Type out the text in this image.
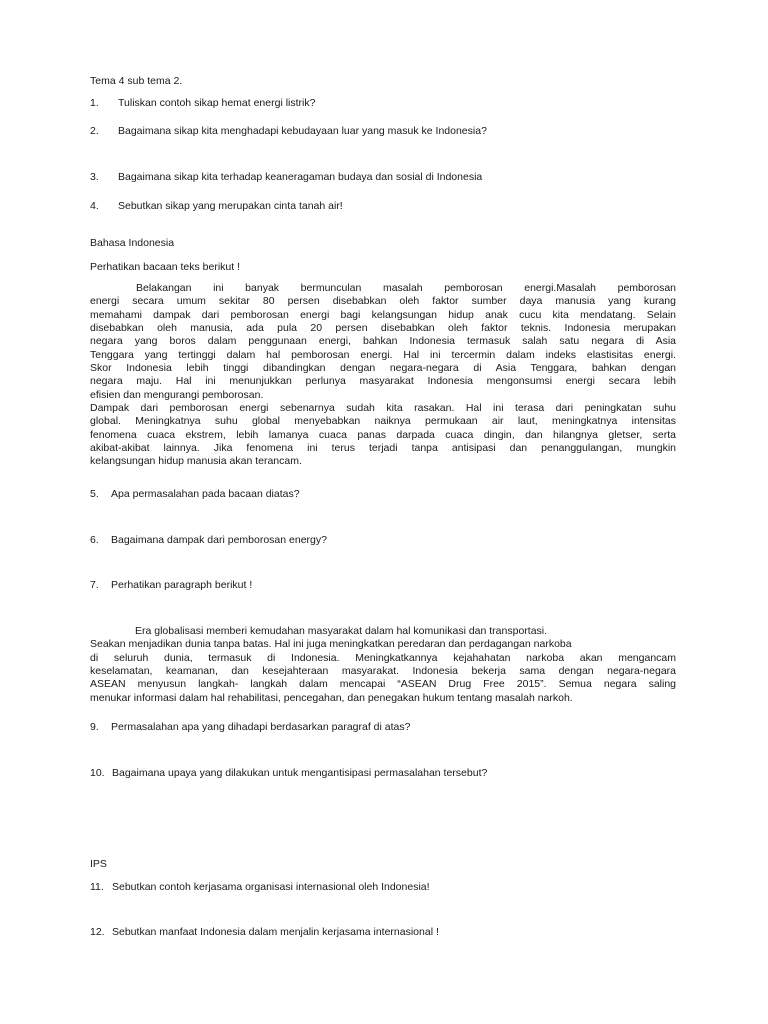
Tema 4 sub tema 2.
1. Tuliskan contoh sikap hemat energi listrik?
2. Bagaimana sikap kita menghadapi kebudayaan luar yang masuk ke Indonesia?
3. Bagaimana sikap kita terhadap keaneragaman budaya dan sosial di Indonesia
4. Sebutkan sikap yang merupakan cinta tanah air!
Bahasa Indonesia
Perhatikan bacaan teks berikut !

Belakangan ini banyak bermunculan masalah pemborosan energi.Masalah pemborosan

energi secara umum sekitar 80 persen disebabkan oleh faktor sumber daya manusia yang kurang

memahami dampak dari pemborosan energi bagi kelangsungan hidup anak cucu kita mendatang. Selain

disebabkan oleh manusia, ada pula 20 persen disebabkan oleh faktor teknis. Indonesia merupakan

negara yang boros dalam penggunaan energi, bahkan Indonesia termasuk salah satu negara di Asia

Tenggara yang tertinggi dalam hal pemborosan energi. Hal ini tercermin dalam indeks elastisitas energi.

Skor Indonesia lebih tinggi dibandingkan dengan negara-negara di Asia Tenggara, bahkan dengan

negara maju. Hal ini menunjukkan perlunya masyarakat Indonesia mengonsumsi energi secara lebih

efisien dan mengurangi pemborosan.

Dampak dari pemborosan energi sebenarnya sudah kita rasakan. Hal ini terasa dari peningkatan suhu

global. Meningkatnya suhu global menyebabkan naiknya permukaan air laut, meningkatnya intensitas

fenomena cuaca ekstrem, lebih lamanya cuaca panas darpada cuaca dingin, dan hilangnya gletser, serta

akibat-akibat lainnya. Jika fenomena ini terus terjadi tanpa antisipasi dan penanggulangan, mungkin

kelangsungan hidup manusia akan terancam.

5. Apa permasalahan pada bacaan diatas?
6. Bagaimana dampak dari pemborosan energy?
7. Perhatikan paragraph berikut !

Era globalisasi memberi kemudahan masyarakat dalam hal komunikasi dan transportasi.

Seakan menjadikan dunia tanpa batas. Hal ini juga meningkatkan peredaran dan perdagangan narkoba

di seluruh dunia, termasuk di Indonesia. Meningkatkannya kejahahatan narkoba akan mengancam

keselamatan, keamanan, dan kesejahteraan masyarakat. Indonesia bekerja sama dengan negara-negara

ASEAN menyusun langkah- langkah dalam mencapai “ASEAN Drug Free 2015”. Semua negara saling

menukar informasi dalam hal rehabilitasi, pencegahan, dan penegakan hukum tentang masalah narkoh.

9. Permasalahan apa yang dihadapi berdasarkan paragraf di atas?
10. Bagaimana upaya yang dilakukan untuk mengantisipasi permasalahan tersebut?
IPS
11. Sebutkan contoh kerjasama organisasi internasional oleh Indonesia!
12. Sebutkan manfaat Indonesia dalam menjalin kerjasama internasional !
